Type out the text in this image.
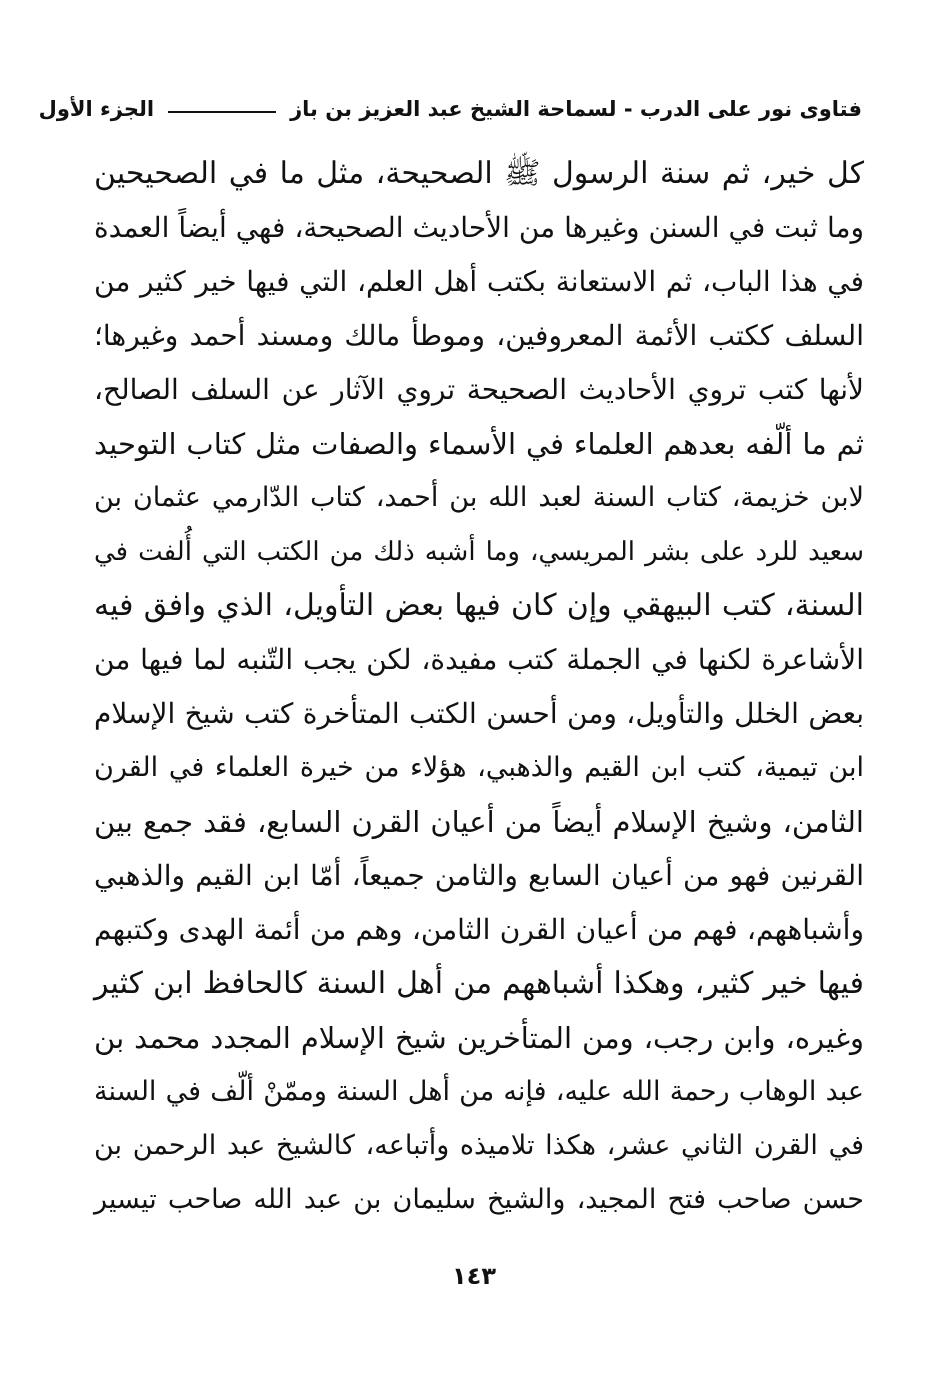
فتاوى نور على الدرب - لسماحة الشيخ عبد العزيز بن باز
الجزء الأول
كل خير، ثم سنة الرسول ﷺ الصحيحة، مثل ما في الصحيحين
وما ثبت في السنن وغيرها من الأحاديث الصحيحة، فهي أيضاً العمدة
في هذا الباب، ثم الاستعانة بكتب أهل العلم، التي فيها خير كثير من
السلف ككتب الأئمة المعروفين، وموطأ مالك ومسند أحمد وغيرها؛
لأنها كتب تروي الأحاديث الصحيحة تروي الآثار عن السلف الصالح،
ثم ما ألّفه بعدهم العلماء في الأسماء والصفات مثل كتاب التوحيد
لابن خزيمة، كتاب السنة لعبد الله بن أحمد، كتاب الدّارمي عثمان بن
سعيد للرد على بشر المريسي، وما أشبه ذلك من الكتب التي أُلفت في
السنة، كتب البيهقي وإن كان فيها بعض التأويل، الذي وافق فيه
الأشاعرة لكنها في الجملة كتب مفيدة، لكن يجب التّنبه لما فيها من
بعض الخلل والتأويل، ومن أحسن الكتب المتأخرة كتب شيخ الإسلام
ابن تيمية، كتب ابن القيم والذهبي، هؤلاء من خيرة العلماء في القرن
الثامن، وشيخ الإسلام أيضاً من أعيان القرن السابع، فقد جمع بين
القرنين فهو من أعيان السابع والثامن جميعاً، أمّا ابن القيم والذهبي
وأشباههم، فهم من أعيان القرن الثامن، وهم من أئمة الهدى وكتبهم
فيها خير كثير، وهكذا أشباههم من أهل السنة كالحافظ ابن كثير
وغيره، وابن رجب، ومن المتأخرين شيخ الإسلام المجدد محمد بن
عبد الوهاب رحمة الله عليه، فإنه من أهل السنة وممّنْ ألّف في السنة
في القرن الثاني عشر، هكذا تلاميذه وأتباعه، كالشيخ عبد الرحمن بن
حسن صاحب فتح المجيد، والشيخ سليمان بن عبد الله صاحب تيسير
١٤٣
